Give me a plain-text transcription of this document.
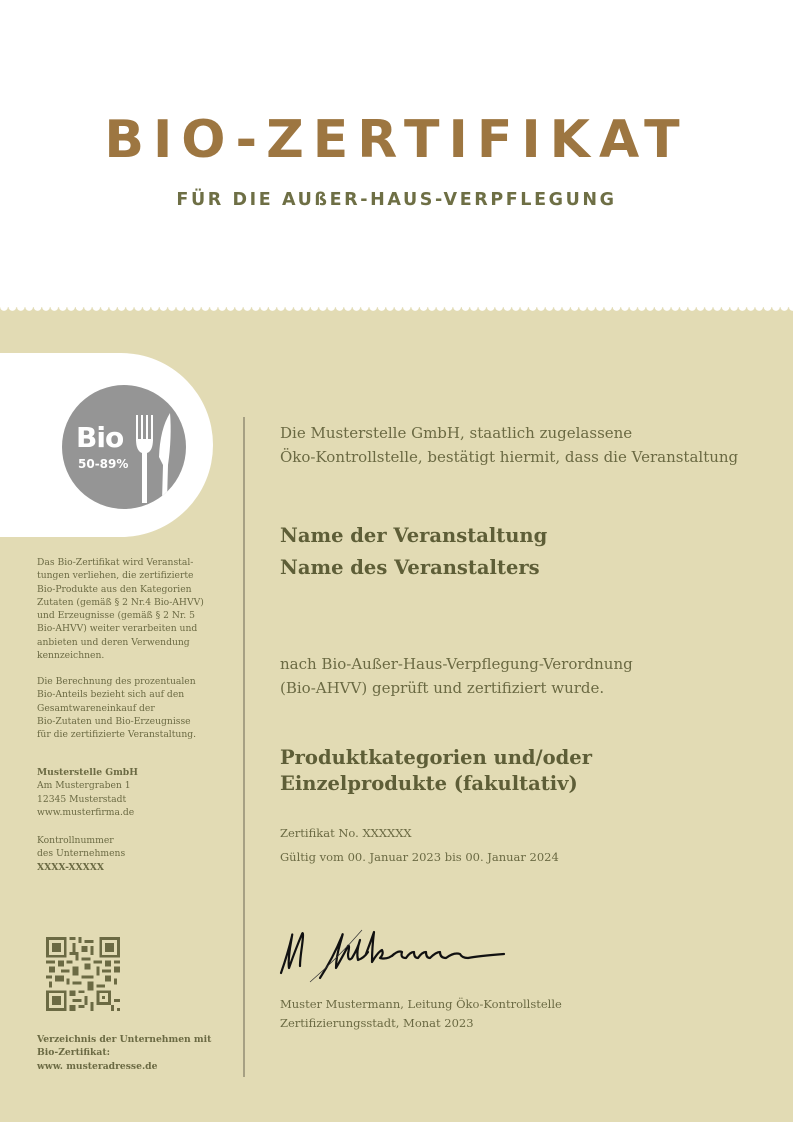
BIO-ZERTIFIKAT
FÜR DIE AUßER-HAUS-VERPFLEGUNG
Bio
50-89%

Das Bio-Zertifikat wird Veranstal-

tungen verliehen, die zertifizierte

Bio-Produkte aus den Kategorien

Zutaten (gemäß § 2 Nr.4 Bio-AHVV)

und Erzeugnisse (gemäß § 2 Nr. 5

Bio-AHVV) weiter verarbeiten und

anbieten und deren Verwendung

kennzeichnen.

Die Berechnung des prozentualen

Bio-Anteils bezieht sich auf den

Gesamtwareneinkauf der

Bio-Zutaten und Bio-Erzeugnisse

für die zertifizierte Veranstaltung.

Musterstelle GmbH

Am Mustergraben 1

12345 Musterstadt

www.musterfirma.de

Kontrollnummer

des Unternehmens

XXXX-XXXXX

Verzeichnis der Unternehmen mit

Bio-Zertifikat:

www. musteradresse.de

Die Musterstelle GmbH, staatlich zugelassene
Öko-Kontrollstelle, bestätigt hiermit, dass die Veranstaltung
Name der Veranstaltung
Name des Veranstalters
nach Bio-Außer-Haus-Verpflegung-Verordnung
(Bio-AHVV) geprüft und zertifiziert wurde.
Produktkategorien und/oder
Einzelprodukte (fakultativ)
Zertifikat No. XXXXXX
Gültig vom 00. Januar 2023 bis 00. Januar 2024
Muster Mustermann, Leitung Öko-Kontrollstelle
Zertifizierungsstadt, Monat 2023
